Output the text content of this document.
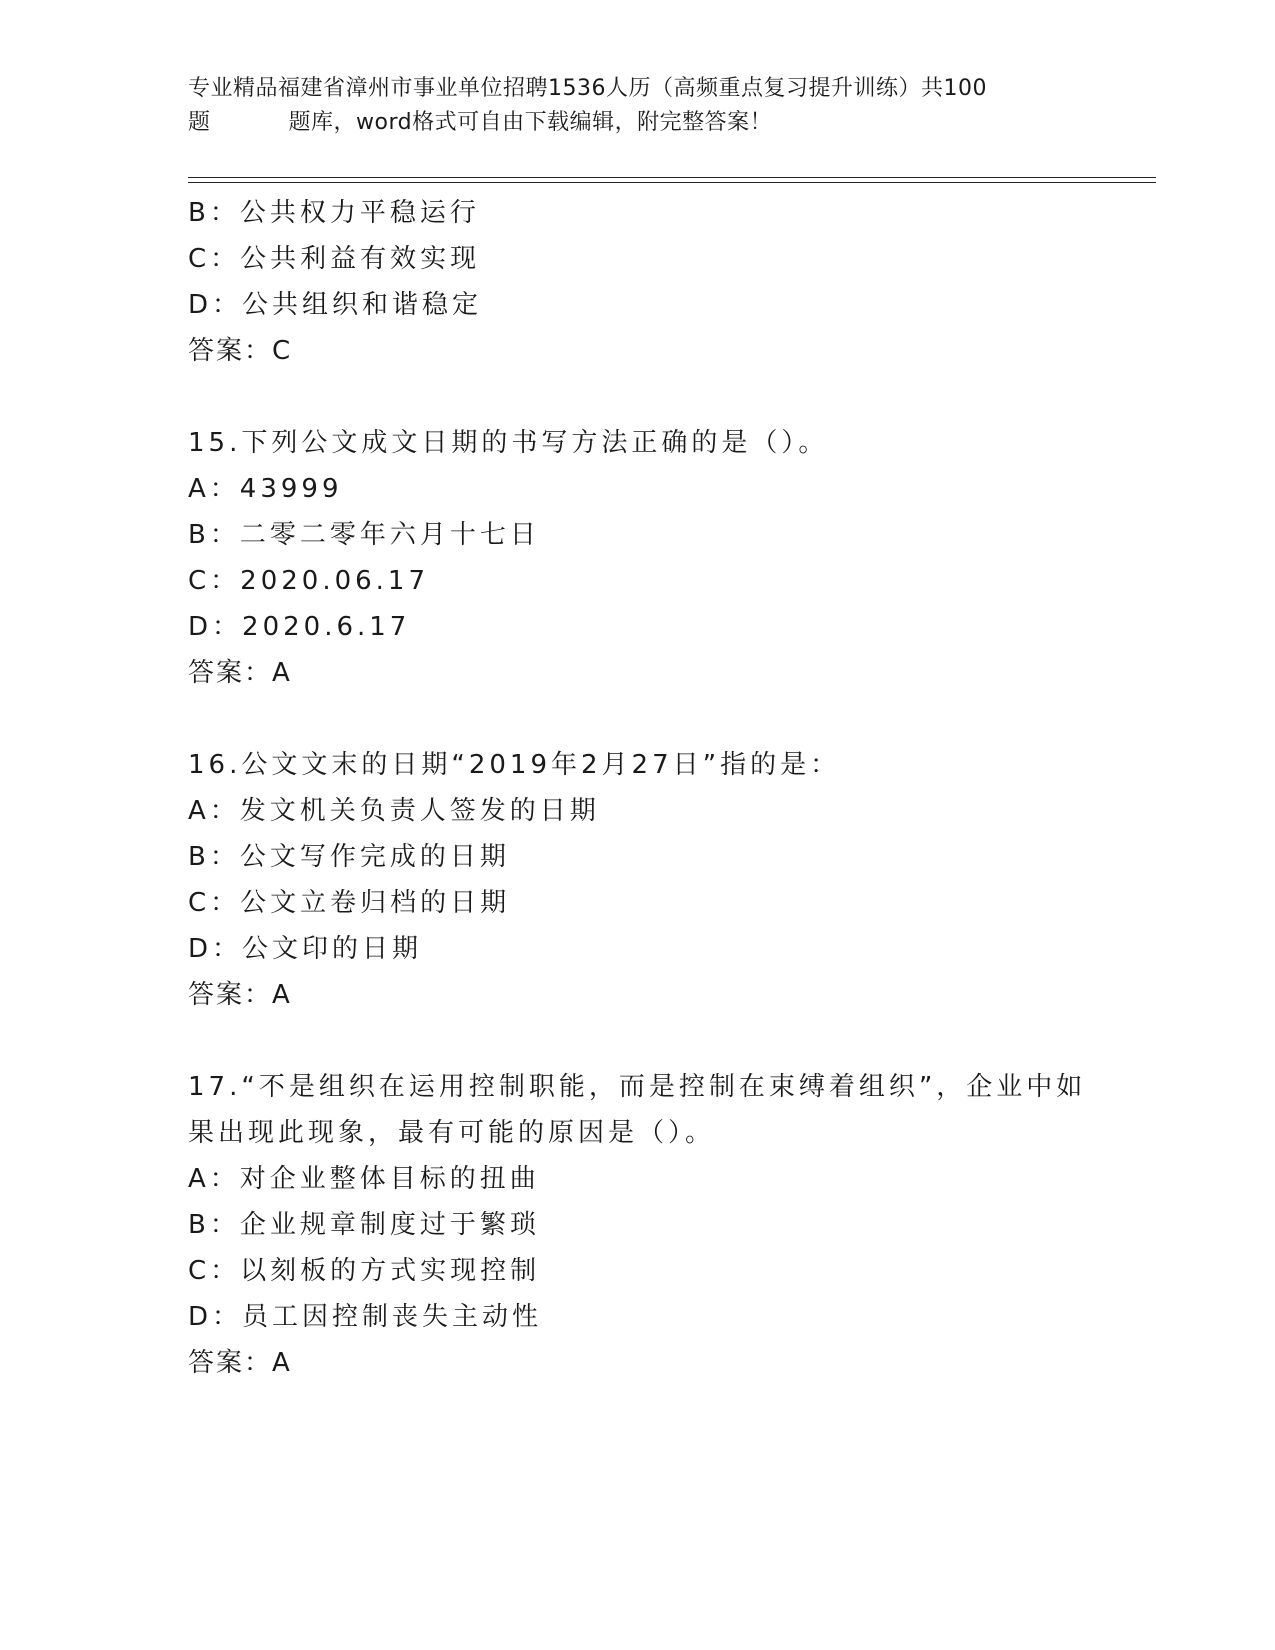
专业精品福建省漳州市事业单位招聘1536人历（高频重点复习提升训练）共100
题	题库，word格式可自由下载编辑，附完整答案！
B：公共权力平稳运行
C：公共利益有效实现
D：公共组织和谐稳定
答案：C
15.下列公文成文日期的书写方法正确的是（）。
A：43999
B：二零二零年六月十七日
C：2020.06.17
D：2020.6.17
答案：A
16.公文文末的日期“2019年2月27日”指的是：
A：发文机关负责人签发的日期
B：公文写作完成的日期
C：公文立卷归档的日期
D：公文印的日期
答案：A
17.“不是组织在运用控制职能，而是控制在束缚着组织”，企业中如
果出现此现象，最有可能的原因是（）。
A：对企业整体目标的扭曲
B：企业规章制度过于繁琐
C：以刻板的方式实现控制
D：员工因控制丧失主动性
答案：A
